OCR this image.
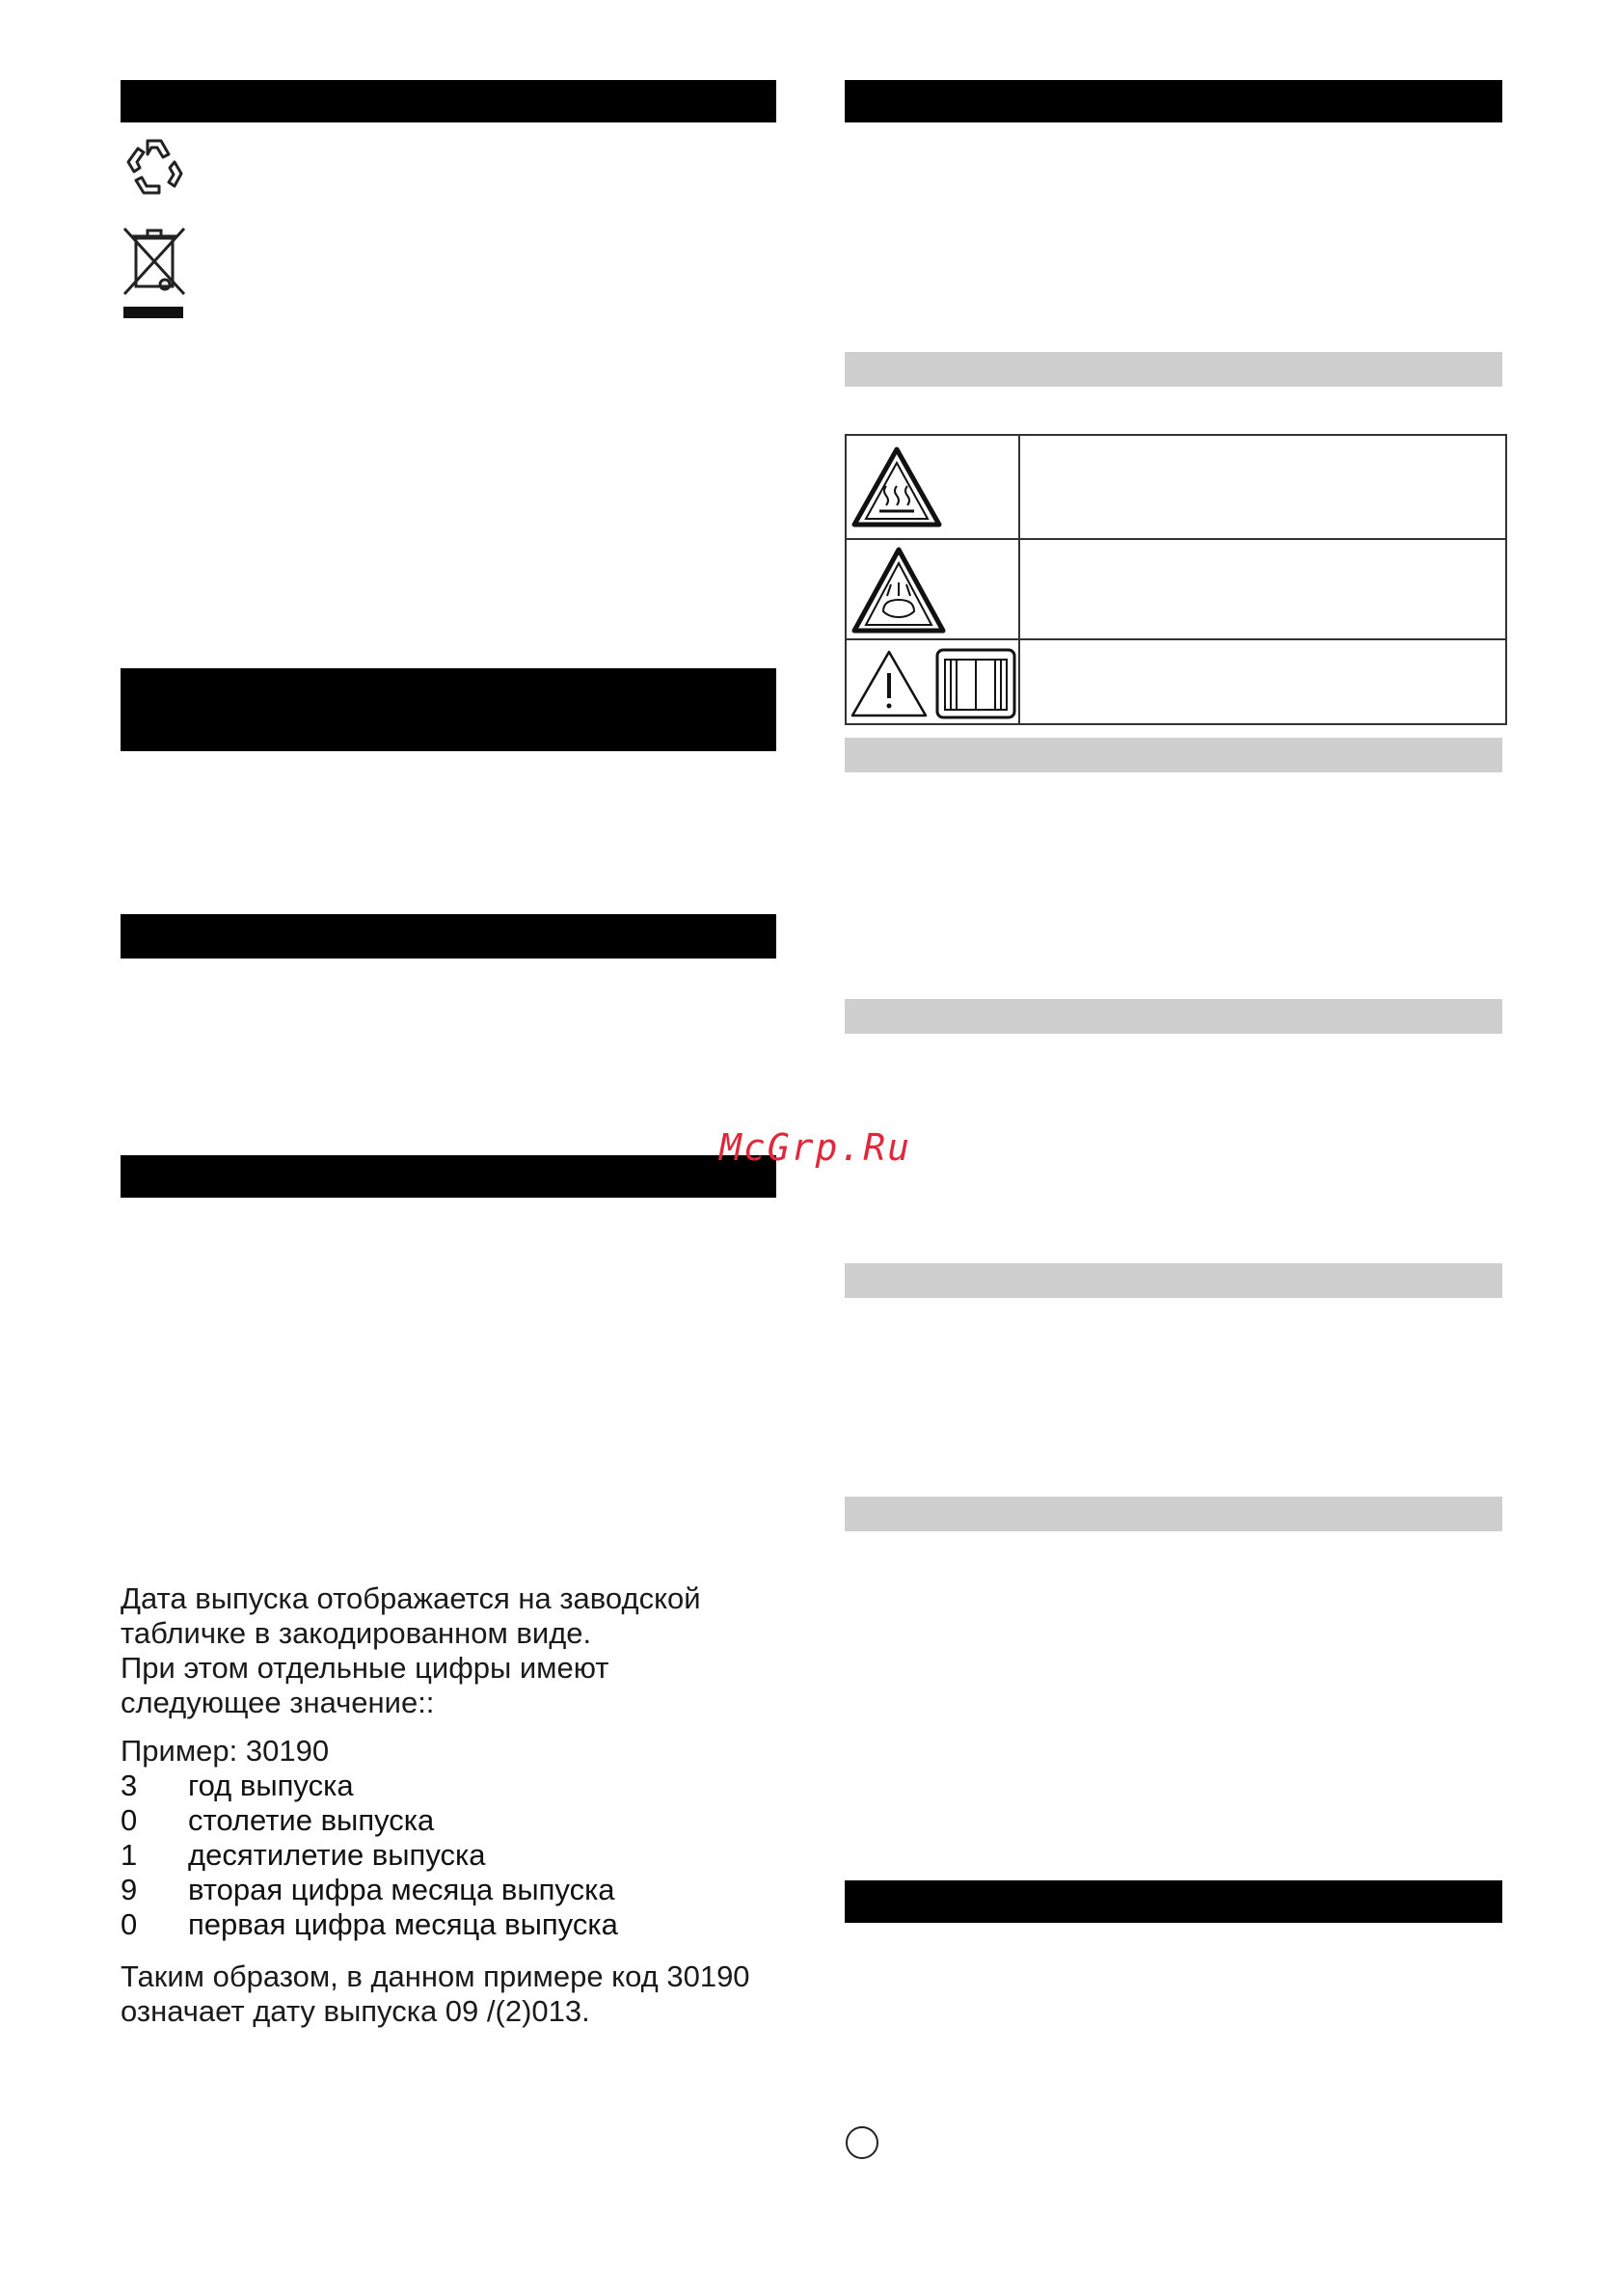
Дата выпуска отображается на заводской
табличке в закодированном виде.
При этом отдельные цифры имеют
следующее значение::
Пример: 30190
3 год выпуска
0 столетие выпуска
1 десятилетие выпуска
9 вторая цифра месяца выпуска
0 первая цифра месяца выпуска
Таким образом, в данном примере код 30190
означает дату выпуска 09 /(2)013.
McGrp.Ru
